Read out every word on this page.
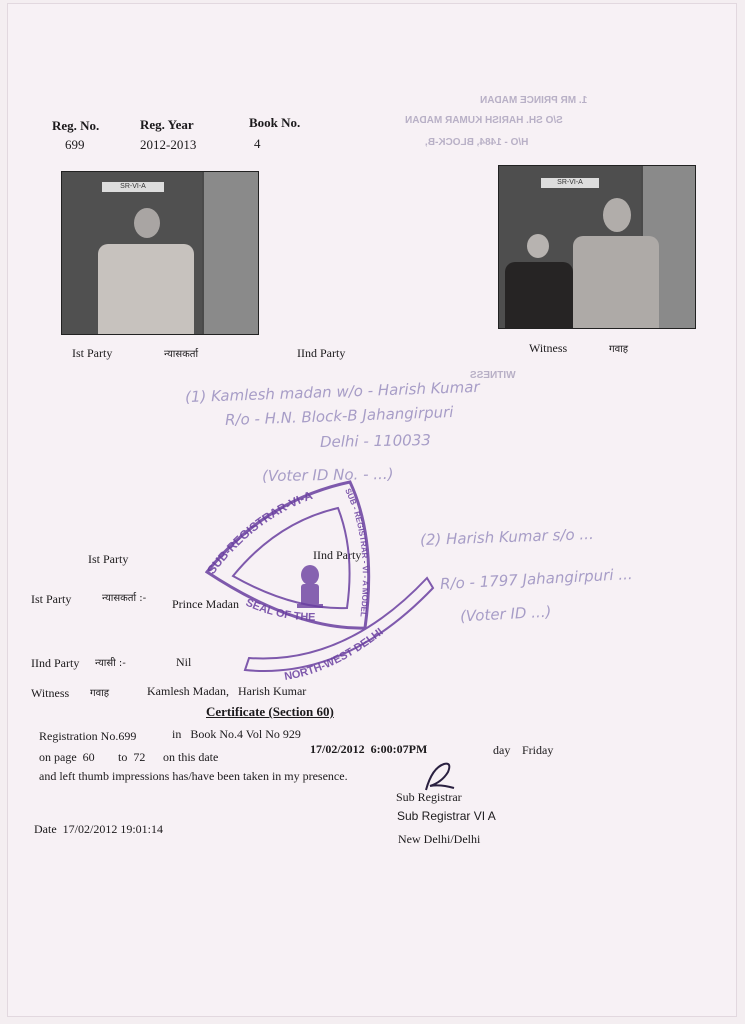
1. MR PRINCE MADAN
S/O SH. HARISH KUMAR MADAN
H/O - 1484, BLOCK-B,
WITNESS
Reg. No.
699
Reg. Year
2012-2013
Book No.
4
SR-VI-A
Ist Party	न्यासकर्ता	IInd Party
SR-VI-A
Witness	गवाह
(1) Kamlesh madan w/o - Harish Kumar
R/o - H.N. Block-B Jahangirpuri
Delhi - 110033
(Voter ID No. - ...)
(2) Harish Kumar s/o ...
R/o - 1797 Jahangirpuri ...
(Voter ID ...)
Ist Party	IInd Party
Ist Party	न्यासकर्ता :- Prince Madan
IInd Party न्यासी :-	Nil
Witness गवाह	Kamlesh Madan,   Harish Kumar
SUB-REGISTRAR-VI-A	SUB - REGISTRAR - VI - A MODEL
SEAL OF THE
NORTH-WEST DELHI
Certificate (Section 60)
Registration No.699	in   Book No.4 Vol No 929
on page  60 to  72 on this date
17/02/2012  6:00:07PM	day Friday
and left thumb impressions has/have been taken in my presence.
Sub Registrar
Sub Registrar VI A
New Delhi/Delhi
Date  17/02/2012 19:01:14
